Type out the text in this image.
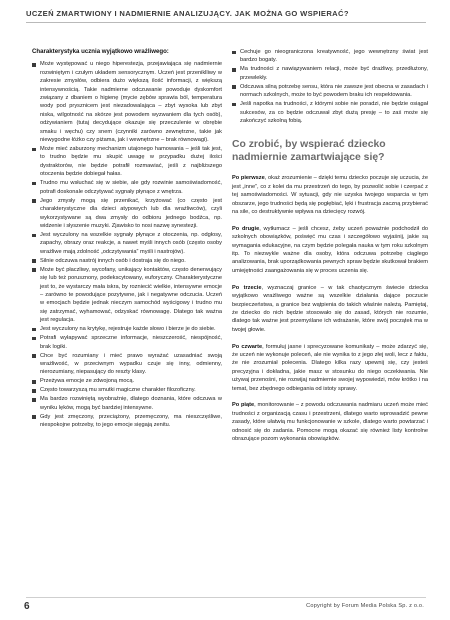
UCZEŃ ZMARTWIONY I NADMIERNIE ANALIZUJĄCY. JAK MOŻNA GO WSPIERAĆ?
Charakterystyka ucznia wyjątkowo wrażliwego:
Może występować u niego hiperestezja, przejawiająca się nadmiernie rozwiniętym i czułym układem sensorycznym. Uczeń jest przeniklliwy w zakresie zmysłów, odbiera dużo większą ilość informacji, z większą intensywnością. Takie nadmierne odczuwanie powoduje dyskomfort związany z dbaniem o higienę (mycie zębów sprawia ból, temperatura wody pod prysznicem jest niezadowalająca – zbyt wysoka lub zbyt niska, wilgotność na skórze jest powodem wyzwaniem dla tych osób), odżywianiem (tutaj decydujące okazuje się przeczulenie w obrębie smaku i węchu) czy snem (czynniki zarówno zewnętrzne, takie jak niewygodne łóżko czy piżama, jak i wewnętrzne – brak równowagi).
Może mieć zaburzony mechanizm utajonego hamowania – jeśli tak jest, to trudno będzie mu skupić uwagę w przypadku dużej ilości dystraktorów, nie będzie potrafił rozmawiać, jeśli z najbliższego otoczenia będzie dobiegał hałas.
Trudno mu wsłuchać się w siebie, ale gdy rozwinie samoświadomość, potrafi doskonale odczytywać sygnały płynące z wnętrza.
Jego zmysły mogą się przenikać, krzyżować (co często jest charakterystyczne dla dzieci atypowych lub dla wrażliwców), czyli wykorzystywane są dwa zmysły do odbioru jednego bodźca, np. widzenie i słyszenie muzyki. Zjawisko to nosi nazwę synestezji.
Jest wyczulony na wszelkie sygnały płynące z otoczenia, np. odgłosy, zapachy, obrazy oraz reakcje, a nawet myśli innych osób (często osoby wrażliwe mają zdolność „odczytywania” myśli i nastrojów).
Silnie odczuwa nastrój innych osób i dostraja się do niego.
Może być płaczliwy, wycofany, unikający kontaktów, często denerwujący się lub też porusznony, podekscytowany, euforyczny. Charakterystyczne jest to, że wystarczy mała iskra, by rozniecić wielkie, intensywne emocje – zarówno te powodujące pozytywne, jak i negatywne odczucia. Uczeń w emocjach będzie jednak nieczym samochód wyścigowy i trudno mu się zatrzymać, wyhamować, odzyskać równowagę. Dlatego tak ważna jest regulacja.
Jest wyczulony na krytykę, rejestruje każde słowo i bierze je do siebie.
Potrafi wyłapywać sprzeczne informacje, nieszczerość, niespójność, brak logiki.
Chce być rozumiany i mieć prawo wyrażać uzasadniać swoją wrażliwość, w przeciwnym wypadku czuje się inny, odmienny, nierozumiany, niepasujący do reszty klasy.
Przeżywa emocje ze zdwojoną mocą.
Często towarzyszą mu smutki magiczne charakter filozoficzny.
Ma bardzo rozwiniętą wyobraźnię, dlatego doznania, które odczuwa w wyniku lęków, mogą być bardziej intensywne.
Gdy jest zmęczony, przeciążony, przemęczony, ma nieszczęśliwe, niespokojne potrzeby, to jego emocje sięgają zenitu.
Cechuje go nieograniczona kreatywność, jego wewnętrzny świat jest bardzo bogaty.
Ma trudności z nawiązywaniem relacji, może być drażliwy, przedłużony, przewlekły.
Odczuwa silną potrzebę sensu, która nie zawsze jest obecna w zasadach i normach szkolnych, może to być powodem braku ich respektowania.
Jeśli napotka na trudności, z którymi sobie nie poradzi, nie będzie osiągał sukcesów, za co będzie odczuwał zbyt dużą presję – to zaś może się zakończyć szkolną fobią.
Co zrobić, by wspierać dziecko nadmiernie zamartwiające się?

Po pierwsze, okaż zrozumienie – dzięki temu dziecko poczuje się uczucia, że jest „inne”, co z kolei da mu przestrzeń do tego, by pozwolić sobie i czerpać z tej samoświadomości. W sytuacji, gdy nie uzyska twojego wsparcia w tym obszarze, jego trudności będą się pogłębiać, lęki i frustracja zaczną przybierać na sile, co destruktywnie wpływa na dziecięcy rozwój.

Po drugie, wytłumacz – jeśli chcesz, żeby uczeń poważnie podchodził do szkolnych obowiązków, poświęć mu czas i szczegółowo wyjaśnij, jakie są wymagania edukacyjne, na czym będzie polegała nauka w tym roku szkolnym itp. To niezwykle ważne dla osoby, która odczuwa potrzebę ciągłego analizowania, brak uporządkowania pewnych spraw będzie skutkował brakiem umiejętności zaangażowania się w proces uczenia się.

Po trzecie, wyznaczaj granice – w tak chaotycznym świecie dziecka wyjątkowo wrażliwego ważne są wszelkie działania dające poczucie bezpieczeństwa, a granice bez wątpienia do takich właśnie należą. Pamiętaj, że dziecko do nich będzie stosowało się do zasad, których nie rozumie, dlatego tak ważne jest przemyślane ich wdrażanie, które swój początek ma w twojej głowie.

Po czwarte, formułuj jasne i sprecyzowane komunikaty – może zdarzyć się, że uczeń nie wykonuje poleceń, ale nie wynika to z jego złej woli, lecz z faktu, że nie zrozumiał polecenia. Dlatego kilka razy upewnij się, czy jesteś precyzyjna i dokładna, jakie masz w stosunku do niego oczekiwania. Nie używaj przenośni, nie rozwijaj nadmiernie swojej wypowiedzi, mów krótko i na temat, bez zbędnego odbiegania od istoty sprawy.

Po piąte, monitorowanie – z powodu odczuwania nadmiaru uczeń może mieć trudności z organizacją czasu i przestrzeni, dlatego warto wprowadzić pewne zasady, które ułatwią mu funkcjonowanie w szkole, dlatego warto powtarzać i odnosić się do zadania. Pomocne mogą okazać się również listy kontrolne obrazujące pozom wykonania obowiązków.

6	Copyright by Forum Media Polska Sp. z o.o.
